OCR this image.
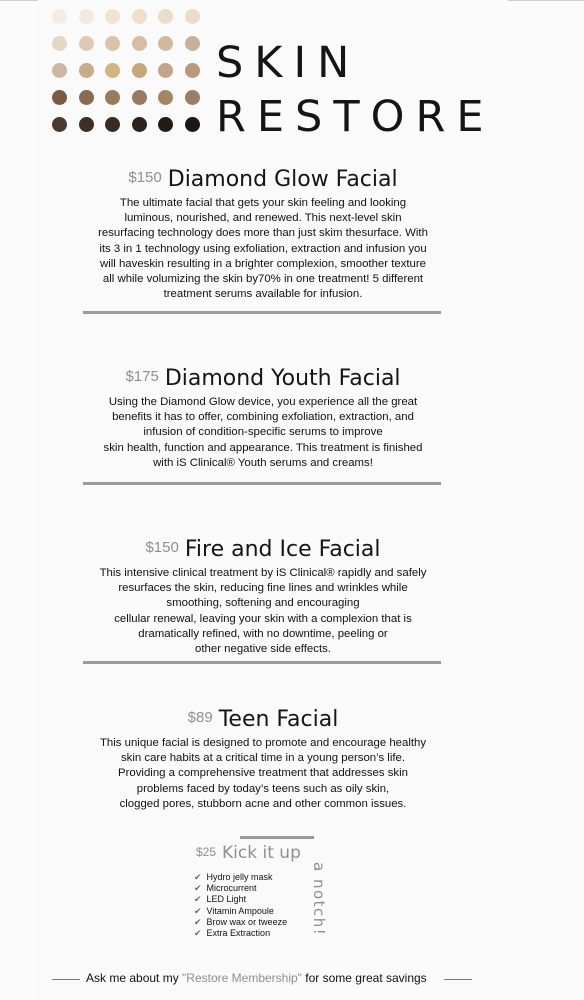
SKIN
RESTORE
$150 Diamond Glow Facial
The ultimate facial that gets your skin feeling and looking
luminous, nourished, and renewed. This next-level skin
resurfacing technology does more than just skim thesurface. With
its 3 in 1 technology using exfoliation, extraction and infusion you
will haveskin resulting in a brighter complexion, smoother texture
all while volumizing the skin by70% in one treatment! 5 different
treatment serums available for infusion.
$175 Diamond Youth Facial
Using the Diamond Glow device, you experience all the great
benefits it has to offer, combining exfoliation, extraction, and
infusion of condition-specific serums to improve
skin health, function and appearance. This treatment is finished
with iS Clinical® Youth serums and creams!
$150 Fire and Ice Facial
This intensive clinical treatment by iS Clinical® rapidly and safely
resurfaces the skin, reducing fine lines and wrinkles while
smoothing, softening and encouraging
cellular renewal, leaving your skin with a complexion that is
dramatically refined, with no downtime, peeling or
other negative side effects.
$89 Teen Facial
This unique facial is designed to promote and encourage healthy
skin care habits at a critical time in a young person’s life.
Providing a comprehensive treatment that addresses skin
problems faced by today’s teens such as oily skin,
clogged pores, stubborn acne and other common issues.
$25 Kick it up
✔ Hydro jelly mask
✔ Microcurrent
✔ LED Light
✔ Vitamin Ampoule
✔ Brow wax or tweeze
✔ Extra Extraction	a notch!
Ask me about my "Restore Membership" for some great savings
